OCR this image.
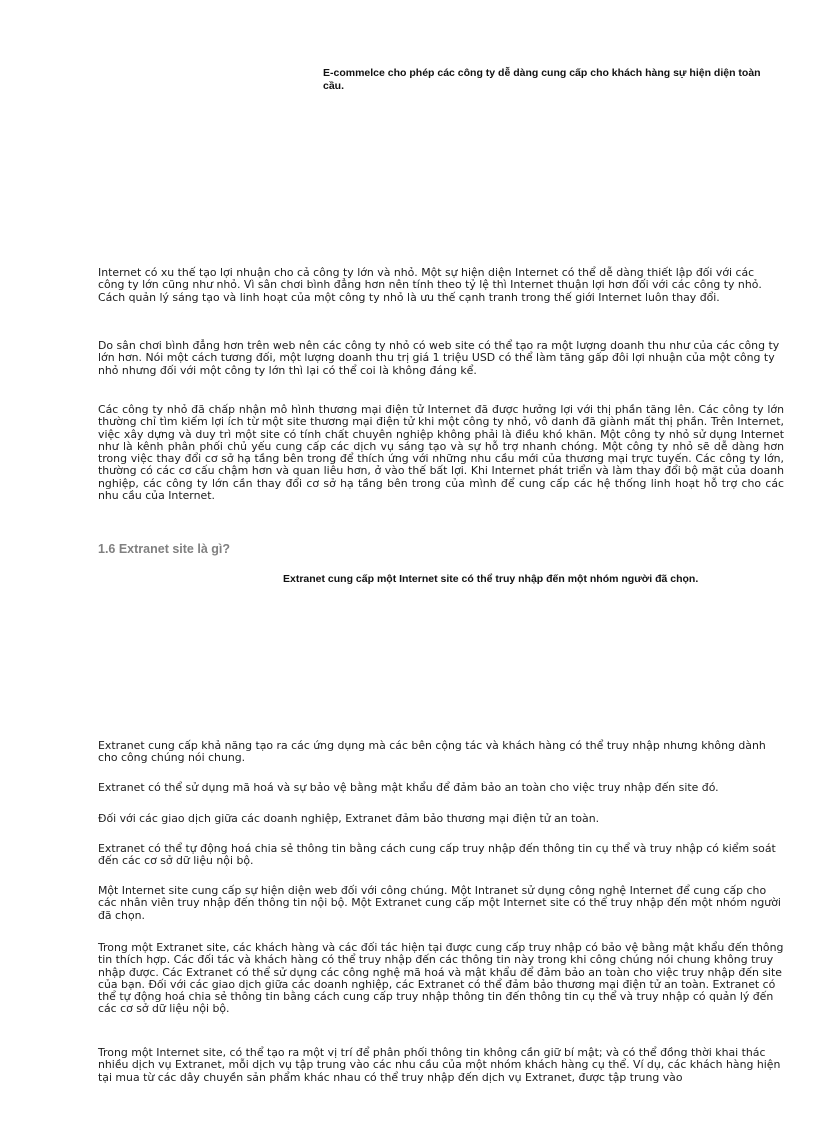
E-commelce cho phép các công ty dễ dàng cung cấp cho khách hàng sự hiện diện toàn cầu.

Internet có xu thế tạo lợi nhuận cho cả công ty lớn và nhỏ. Một sự hiện diện Internet có thể dễ dàng thiết lập đối với các công ty lớn cũng như nhỏ. Vì sân chơi bình đẳng hơn nên tính theo tỷ lệ thì Internet thuận lợi hơn đối với các công ty nhỏ. Cách quản lý sáng tạo và linh hoạt của một công ty nhỏ là ưu thế cạnh tranh trong thế giới Internet luôn thay đổi.

Do sân chơi bình đẳng hơn trên web nên các công ty nhỏ có web site có thể tạo ra một lượng doanh thu như của các công ty lớn hơn. Nói một cách tương đối, một lượng doanh thu trị giá 1 triệu USD có thể làm tăng gấp đôi lợi nhuận của một công ty nhỏ nhưng đối với một công ty lớn thì lại có thể coi là không đáng kể.

Các công ty nhỏ đã chấp nhận mô hình thương mại điện tử Internet đã được hưởng lợi với thị phần tăng lên. Các công ty lớn thường chỉ tìm kiếm lợi ích từ một site thương mại điện tử khi một công ty nhỏ, vô danh đã giành mất thị phần. Trên Internet, việc xây dựng và duy trì một site có tính chất chuyên nghiệp không phải là điều khó khăn. Một công ty nhỏ sử dụng Internet như là kênh phân phối chủ yếu cung cấp các dịch vụ sáng tạo và sự hỗ trợ nhanh chóng. Một công ty nhỏ sẽ dễ dàng hơn trong việc thay đổi cơ sở hạ tầng bên trong để thích ứng với những nhu cầu mới của thương mại trực tuyến. Các công ty lớn, thường có các cơ cấu chậm hơn và quan liêu hơn, ở vào thế bất lợi. Khi Internet phát triển và làm thay đổi bộ mặt của doanh nghiệp, các công ty lớn cần thay đổi cơ sở hạ tầng bên trong của mình để cung cấp các hệ thống linh hoạt hỗ trợ cho các nhu cầu của Internet.

1.6 Extranet site là gì?
Extranet cung cấp một Internet site có thể truy nhập đến một nhóm người đã chọn.

Extranet cung cấp khả năng tạo ra các ứng dụng mà các bên cộng tác và khách hàng có thể truy nhập nhưng không dành cho công chúng nói chung.

Extranet có thể sử dụng mã hoá và sự bảo vệ bằng mật khẩu để đảm bảo an toàn cho việc truy nhập đến site đó.

Đối với các giao dịch giữa các doanh nghiệp, Extranet đảm bảo thương mại điện tử an toàn.

Extranet có thể tự động hoá chia sẻ thông tin bằng cách cung cấp truy nhập đến thông tin cụ thể và truy nhập có kiểm soát đến các cơ sở dữ liệu nội bộ.

Một Internet site cung cấp sự hiện diện web đối với công chúng. Một Intranet sử dụng công nghệ Internet để cung cấp cho các nhân viên truy nhập đến thông tin nội bộ. Một Extranet cung cấp một Internet site có thể truy nhập đến một nhóm người đã chọn.

Trong một Extranet site, các khách hàng và các đối tác hiện tại được cung cấp truy nhập có bảo vệ bằng mật khẩu đến thông tin thích hợp. Các đối tác và khách hàng có thể truy nhập đến các thông tin này trong khi công chúng nói chung không truy nhập được. Các Extranet có thể sử dụng các công nghệ mã hoá và mật khẩu để đảm bảo an toàn cho việc truy nhập đến site của bạn. Đối với các giao dịch giữa các doanh nghiệp, các Extranet có thể đảm bảo thương mại điện tử an toàn. Extranet có thể tự động hoá chia sẻ thông tin bằng cách cung cấp truy nhập thông tin đến thông tin cụ thể và truy nhập có quản lý đến các cơ sở dữ liệu nội bộ.

Trong một Internet site, có thể tạo ra một vị trí để phân phối thông tin không cần giữ bí mật; và có thể đồng thời khai thác nhiều dịch vụ Extranet, mỗi dịch vụ tập trung vào các nhu cầu của một nhóm khách hàng cụ thể. Ví dụ, các khách hàng hiện tại mua từ các dây chuyền sản phẩm khác nhau có thể truy nhập đến dịch vụ Extranet, được tập trung vào
